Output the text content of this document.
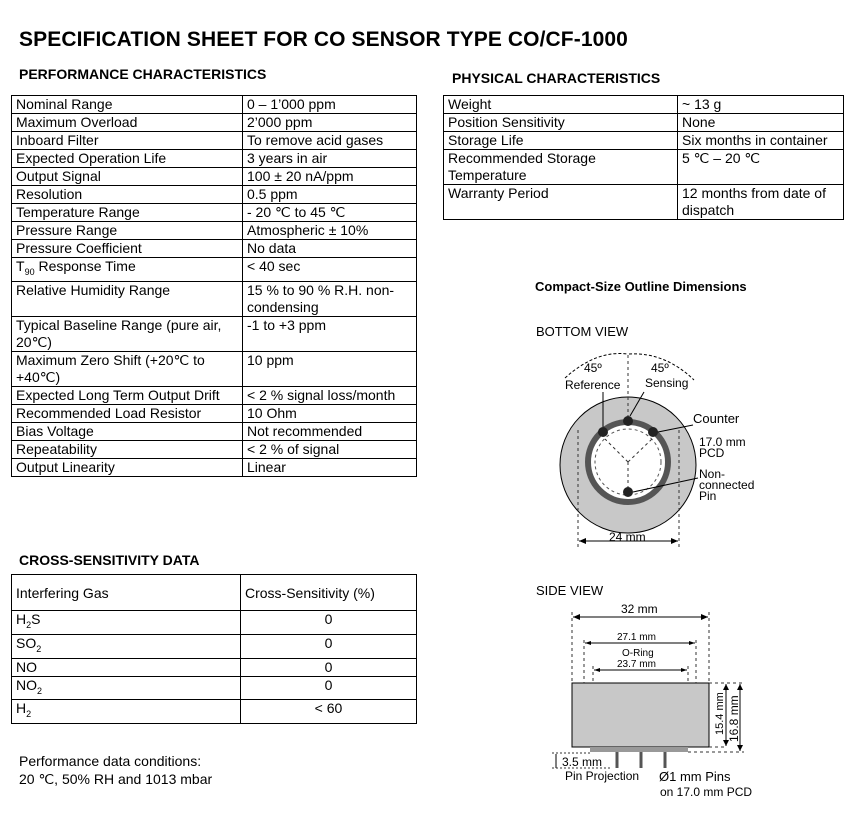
SPECIFICATION SHEET FOR CO SENSOR TYPE CO/CF-1000
PERFORMANCE CHARACTERISTICS
Nominal Range	0 – 1’000 ppm
Maximum Overload	2’000 ppm
Inboard Filter	To remove acid gases
Expected Operation Life	3 years in air
Output Signal	100 ± 20 nA/ppm
Resolution	0.5 ppm
Temperature Range	- 20 ℃ to 45 ℃
Pressure Range	Atmospheric ± 10%
Pressure Coefficient	No data
$T_{90}$ Response Time	< 40 sec
Relative Humidity Range	15 % to 90 % R.H. non-condensing
Typical Baseline Range (pure air, 20℃)	-1 to +3 ppm
Maximum Zero Shift (+20℃ to +40℃)	10 ppm
Expected Long Term Output Drift	< 2 % signal loss/month
Recommended Load Resistor	10 Ohm
Bias Voltage	Not recommended
Repeatability	< 2 % of signal
Output Linearity	Linear
PHYSICAL CHARACTERISTICS
Weight	~ 13 g
Position Sensitivity	None
Storage Life	Six months in container
Recommended Storage Temperature	5 ℃ – 20 ℃
Warranty Period	12 months from date of dispatch
CROSS-SENSITIVITY DATA
Interfering Gas	Cross-Sensitivity (%)
$H_2S$	0
$SO_2$	0
NO	0
$NO_2$	0
$H_2$	< 60
Performance data conditions:
20 ℃, 50% RH and 1013 mbar
Compact-Size Outline Dimensions
BOTTOM VIEW
SIDE VIEW
45º	45º
Reference Sensing
Counter
17.0 mm
PCD
Non-
connected
Pin
24 mm
32 mm
27.1 mm
O-Ring
23.7 mm
15.4 mm 16.8 mm
3.5 mm
Pin Projection Ø1 mm Pins
on 17.0 mm PCD
